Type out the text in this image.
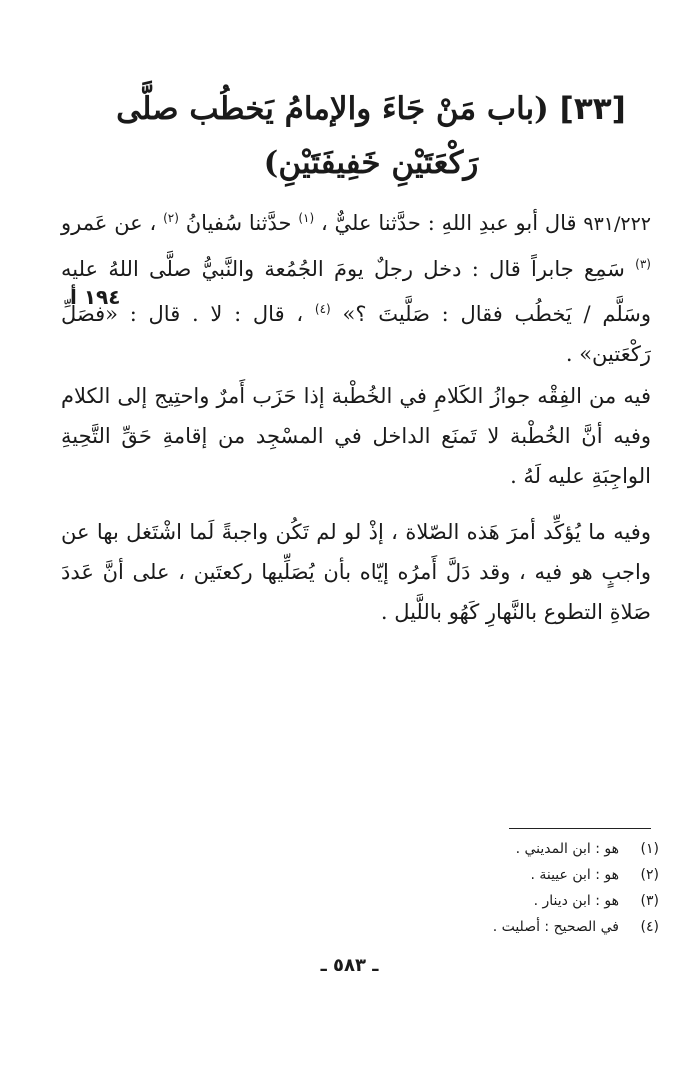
[٣٣] (باب مَنْ جَاءَ والإمامُ يَخطُب صلَّى رَكْعَتَيْنِ خَفِيفَتَيْنِ)
٩٣١/٢٢٢ قال أبو عبدِ اللهِ : حدَّثنا عليٌّ ، $^{(١)}$ حدَّثنا سُفيانُ $^{(٢)}$ ، عن عَمرو $^{(٣)}$ سَمِع جابراً قال : دخل رجلٌ يومَ الجُمُعة والنَّبيُّ صلَّى اللهُ عليه وسَلَّم / يَخطُب فقال : صَلَّيتَ ؟» $^{(٤)}$ ، قال : لا . قال : «فصَلِّ رَكْعَتين» .
١٩٤ أ
فيه من الفِقْه جوازُ الكَلامِ في الخُطْبة إذا حَزَب أَمرٌ واحتِيج إلى الكلام وفيه أنَّ الخُطْبة لا تَمنَع الداخل في المسْجِد من إقامةِ حَقِّ التَّحِيةِ الواجِبَةِ عليه لَهُ .
وفيه ما يُؤكِّد أمرَ هَذه الصّلاة ، إذْ لو لم تَكُن واجبةً لَما اشْتَغل بها عن واجبٍ هو فيه ، وقد دَلَّ أَمرُه إيّاه بأن يُصَلِّيها ركعتَين ، على أنَّ عَددَ صَلاةِ التطوع بالنَّهارِ كَهُو باللَّيل .
(١)هو : ابن المديني .
(٢)هو : ابن عيينة .
(٣)هو : ابن دينار .
(٤)في الصحيح : أصليت .
ـ ٥٨٣ ـ
